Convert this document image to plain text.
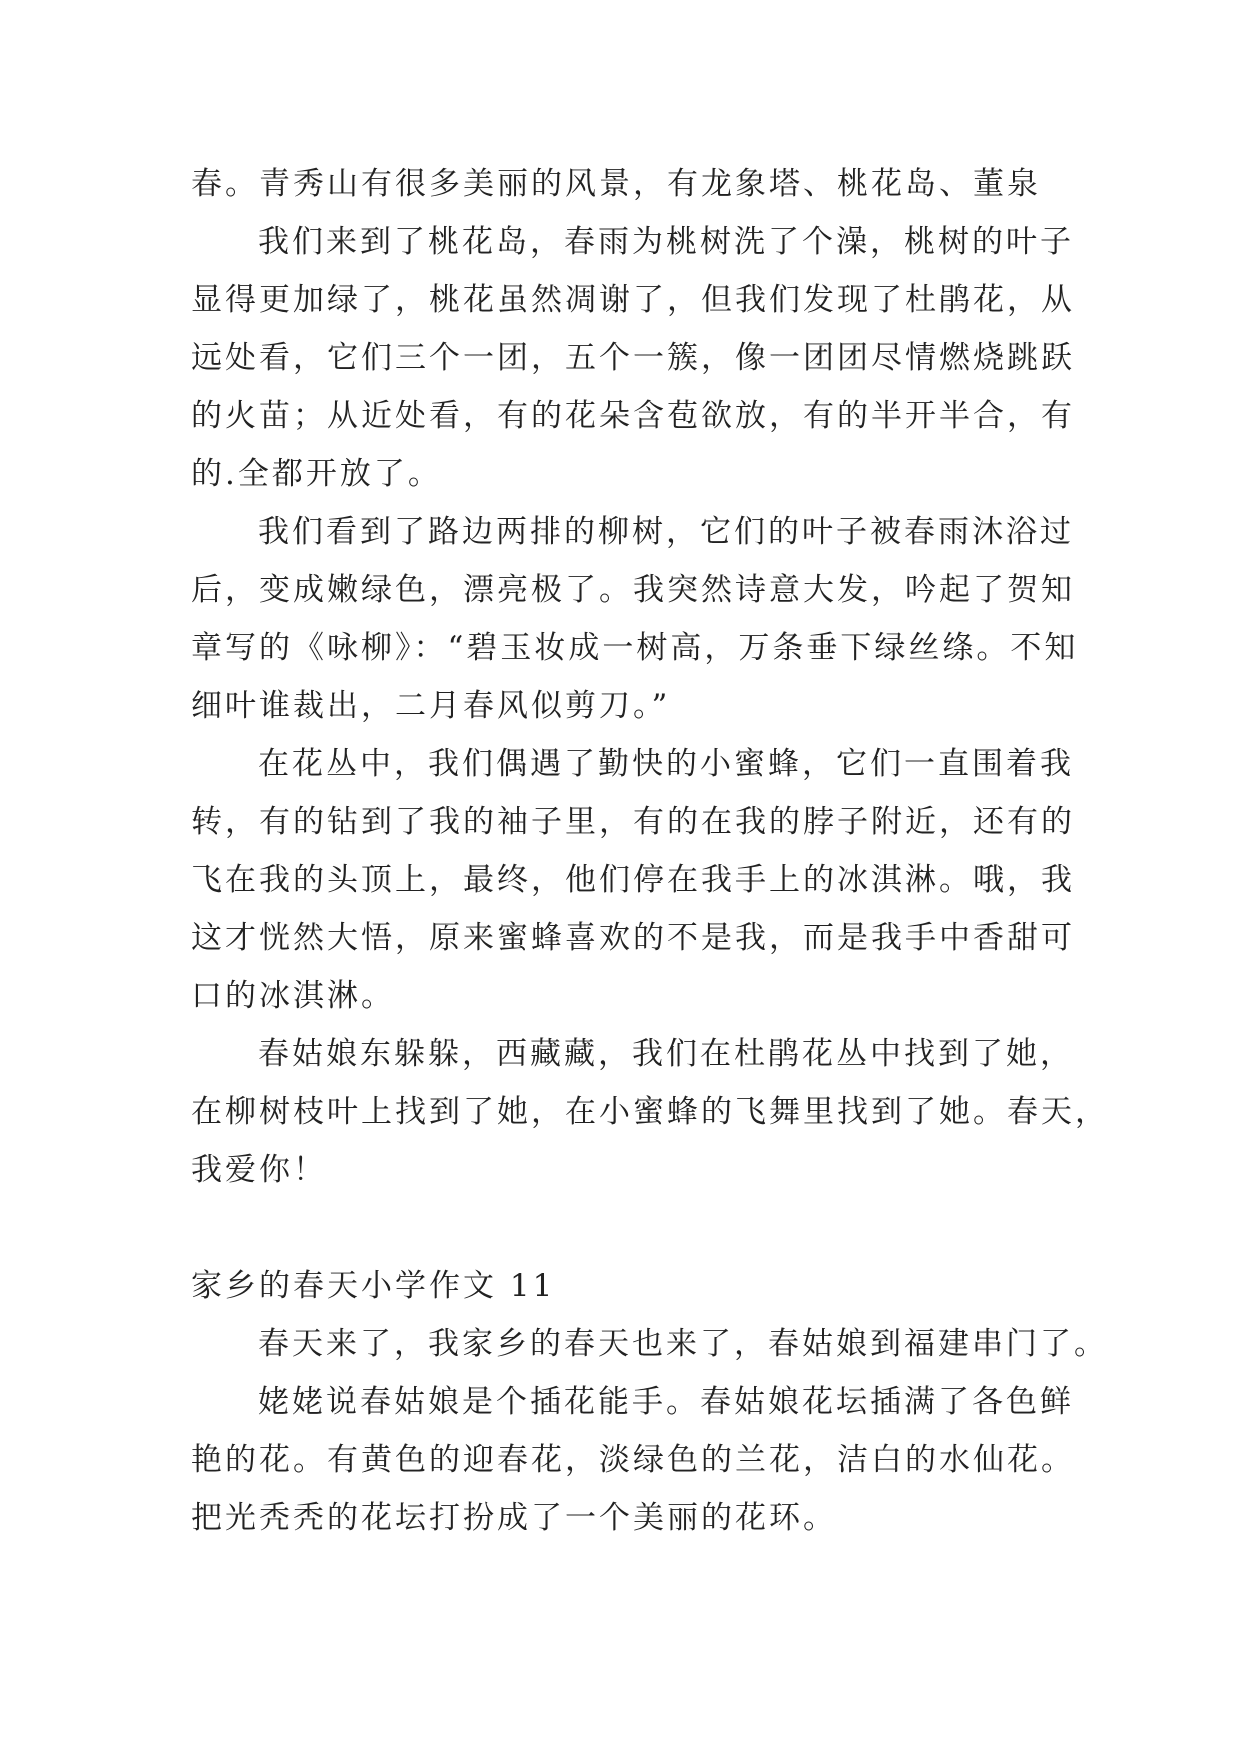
春。青秀山有很多美丽的风景，有龙象塔、桃花岛、董泉
我们来到了桃花岛，春雨为桃树洗了个澡，桃树的叶子
显得更加绿了，桃花虽然凋谢了，但我们发现了杜鹃花，从
远处看，它们三个一团，五个一簇，像一团团尽情燃烧跳跃
的火苗；从近处看，有的花朵含苞欲放，有的半开半合，有
的.全都开放了。
我们看到了路边两排的柳树，它们的叶子被春雨沐浴过
后，变成嫩绿色，漂亮极了。我突然诗意大发，吟起了贺知
章写的《咏柳》：“碧玉妆成一树高，万条垂下绿丝绦。不知
细叶谁裁出，二月春风似剪刀。”
在花丛中，我们偶遇了勤快的小蜜蜂，它们一直围着我
转，有的钻到了我的袖子里，有的在我的脖子附近，还有的
飞在我的头顶上，最终，他们停在我手上的冰淇淋。哦，我
这才恍然大悟，原来蜜蜂喜欢的不是我，而是我手中香甜可
口的冰淇淋。
春姑娘东躲躲，西藏藏，我们在杜鹃花丛中找到了她，
在柳树枝叶上找到了她，在小蜜蜂的飞舞里找到了她。春天，
我爱你！
家乡的春天小学作文 11
春天来了，我家乡的春天也来了，春姑娘到福建串门了。
姥姥说春姑娘是个插花能手。春姑娘花坛插满了各色鲜
艳的花。有黄色的迎春花，淡绿色的兰花，洁白的水仙花。
把光秃秃的花坛打扮成了一个美丽的花环。
